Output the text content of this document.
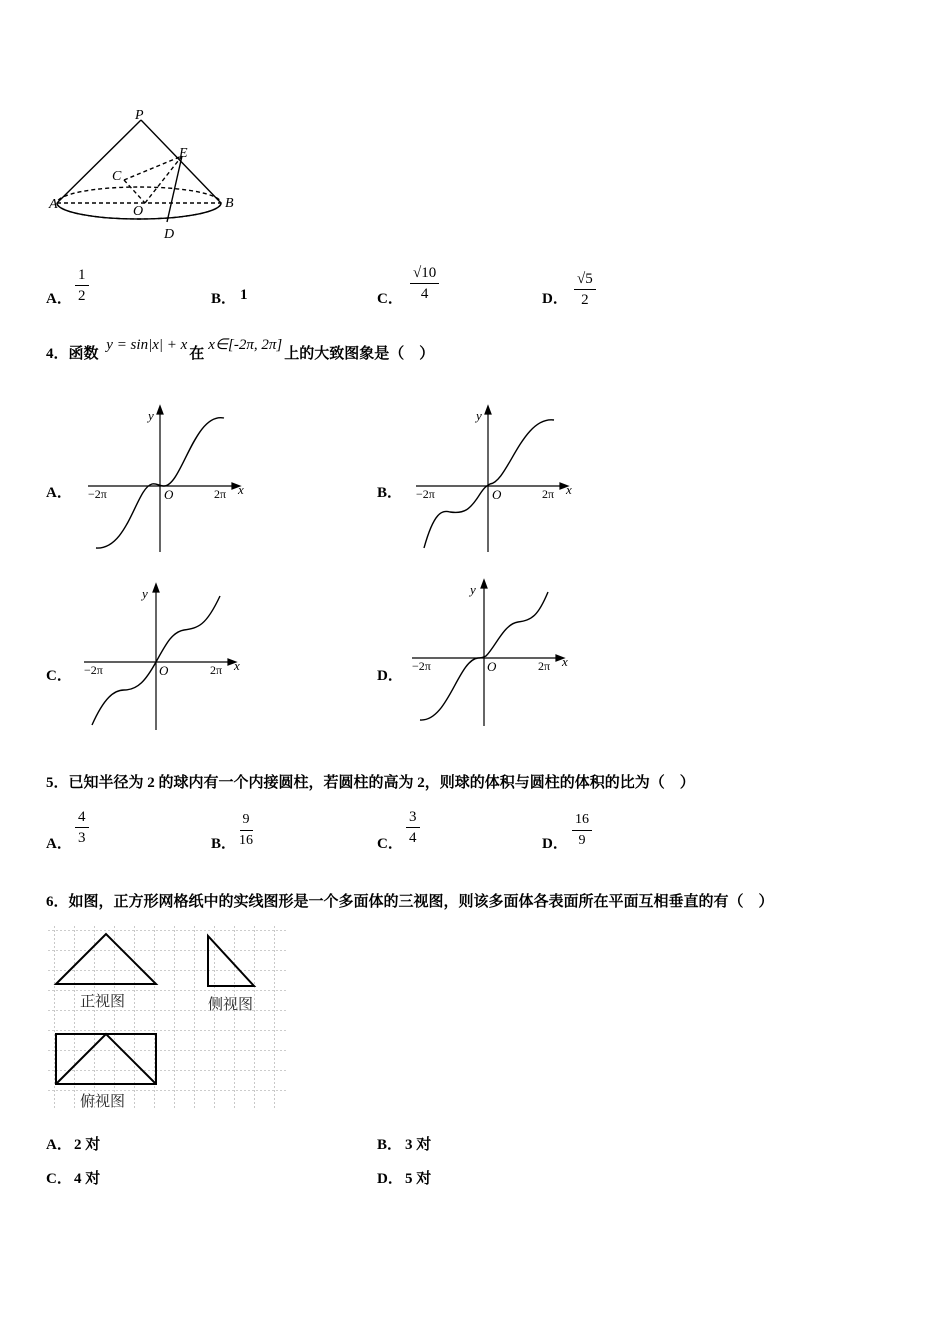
P
E
C
O
A	B
D
A． $\frac{1}{2}$	B． 1	C． $\frac{√10}{4}$	D． $\frac{√5}{2}$
4．函数 y = sin|x| + x在x∈[-2π, 2π]上的大致图象是（　）
A．	B．
C．	D．
y
x
O
−2π	2π
y
x
O
−2π	2π
y
x
O
−2π	2π
y
x
O
−2π	2π
5．已知半径为 2 的球内有一个内接圆柱，若圆柱的高为 2，则球的体积与圆柱的体积的比为（　）
A． $\frac{4}{3}$	B． $\frac{9}{16}$	C． $\frac{3}{4}$	D． $\frac{16}{9}$
6．如图，正方形网格纸中的实线图形是一个多面体的三视图，则该多面体各表面所在平面互相垂直的有（　）
正视图	侧视图
俯视图
A． 2 对	B． 3 对
C． 4 对	D． 5 对
